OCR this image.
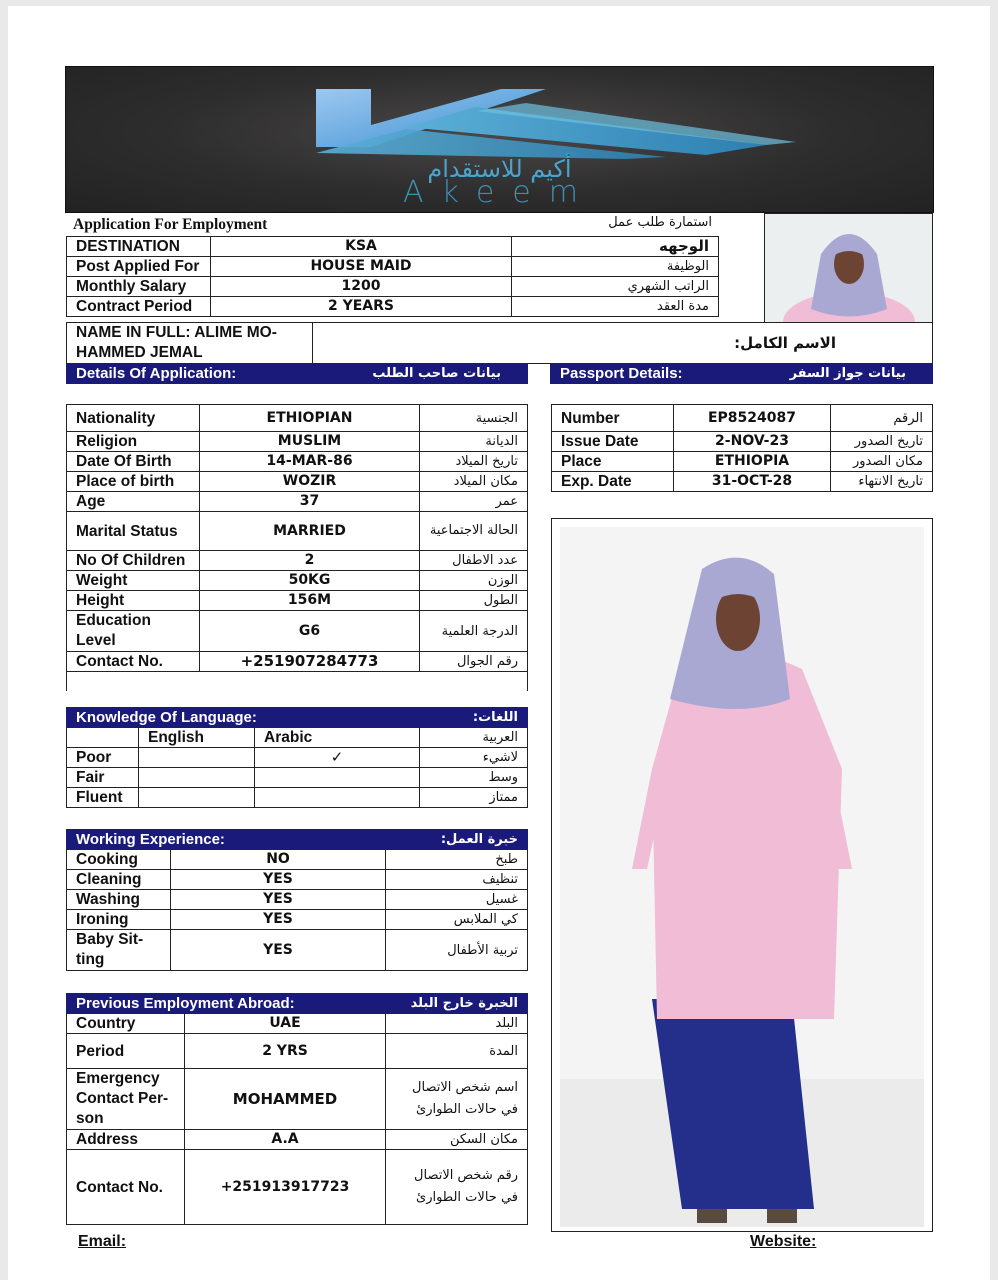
أكيم للاستقدام
Akeem
Application For Employment	استمارة طلب عمل
DESTINATION	KSA	الوجهه
Post Applied For	HOUSE MAID	الوظيفة
Monthly Salary	1200	الراتب الشهري
Contract Period	2 YEARS	مدة العقد
NAME IN FULL: ALIME MO-HAMMED JEMAL	الاسم الكامل:
Details Of Application:	بيانات صاحب الطلب	Passport Details:	بيانات جواز السفر
Nationality	ETHIOPIAN	الجنسية
Religion	MUSLIM	الديانة
Date Of Birth	14-MAR-86	تاريخ الميلاد
Place of birth	WOZIR	مكان الميلاد
Age	37	عمر
Marital Status	MARRIED	الحالة الاجتماعية
No Of Children	2	عدد الاطفال
Weight	50KG	الوزن
Height	156M	الطول
Education Level	G6	الدرجة العلمية
Contact No.	+251907284773	رقم الجوال

Number	EP8524087	الرقم
Issue Date	2-NOV-23	تاريخ الصدور
Place	ETHIOPIA	مكان الصدور
Exp. Date	31-OCT-28	تاريخ الانتهاء
Knowledge Of Language:			اللغات:
	English	Arabic	العربية
Poor		✓	لاشيء
Fair			وسط
Fluent			ممتاز
Working Experience:		خبرة العمل:
Cooking	NO	طبخ
Cleaning	YES	تنظيف
Washing	YES	غسيل
Ironing	YES	كي الملابس
Baby Sit-ting	YES	تربية الأطفال
Previous Employment Abroad:		الخبرة خارج البلد
Country	UAE	البلد
Period	2 YRS	المدة
Emergency Contact Per-son	MOHAMMED	اسم شخص الاتصال في حالات الطوارئ
Address	A.A	مكان السكن
Contact No.	+251913917723	رقم شخص الاتصال في حالات الطوارئ
Email:	Website:
